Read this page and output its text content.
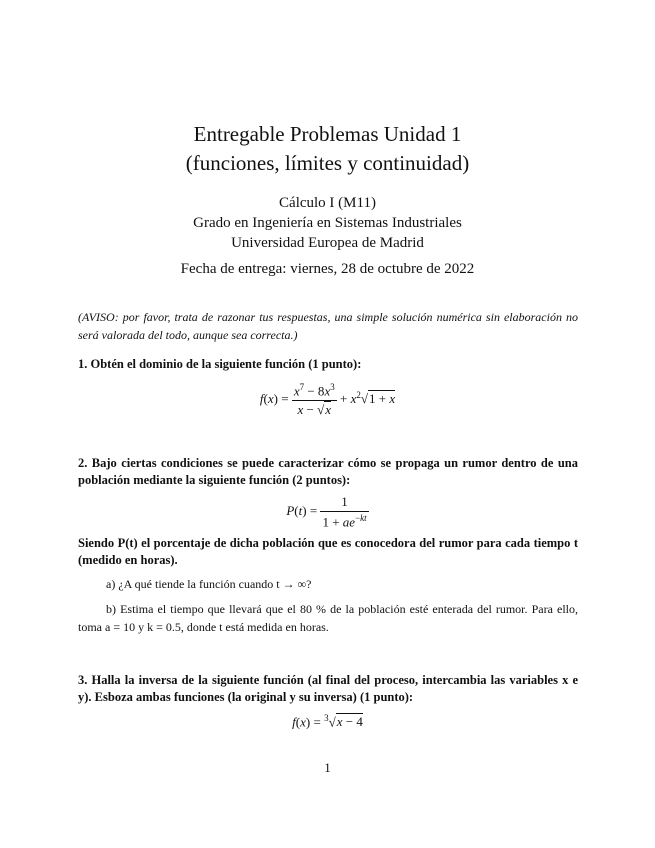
Entregable Problemas Unidad 1
(funciones, límites y continuidad)
Cálculo I (M11)
Grado en Ingeniería en Sistemas Industriales
Universidad Europea de Madrid
Fecha de entrega: viernes, 28 de octubre de 2022
(AVISO: por favor, trata de razonar tus respuestas, una simple solución numérica sin elaboración no será valorada del todo, aunque sea correcta.)
1. Obtén el dominio de la siguiente función (1 punto):
$f(x) = \frac{x^7 - 8x^3}{x - √x} + x^2√1 + x$
2. Bajo ciertas condiciones se puede caracterizar cómo se propaga un rumor dentro de una población mediante la siguiente función (2 puntos):
$P(t) = \frac{1}{1 + ae^{-kt}}$
Siendo P(t) el porcentaje de dicha población que es conocedora del rumor para cada tiempo t (medido en horas).
a) ¿A qué tiende la función cuando t → ∞?
b) Estima el tiempo que llevará que el 80 % de la población esté enterada del rumor. Para ello, toma a = 10 y k = 0.5, donde t está medida en horas.
3. Halla la inversa de la siguiente función (al final del proceso, intercambia las variables x e y). Esboza ambas funciones (la original y su inversa) (1 punto):
f(x) = $^3$√x − 4
1
